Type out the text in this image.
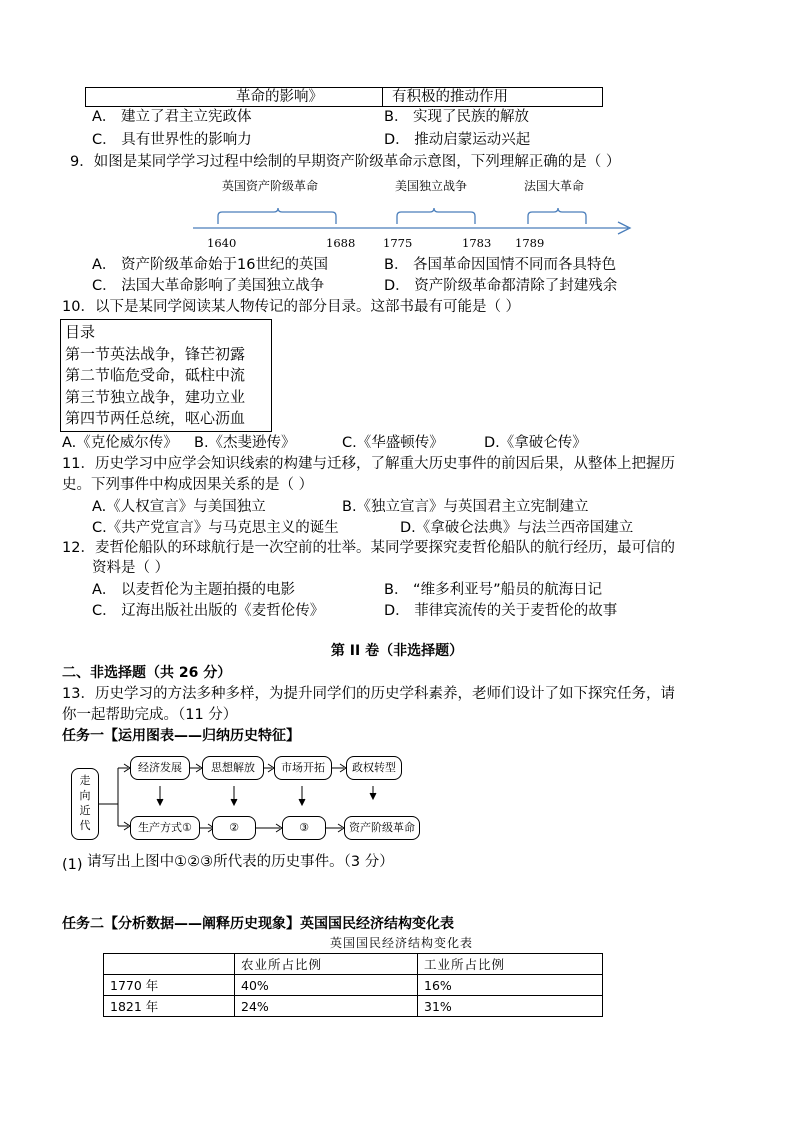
革命的影响》	有积极的推动作用
A． 建立了君主立宪政体	B． 实现了民族的解放
C． 具有世界性的影响力	D． 推动启蒙运动兴起
9．如图是某同学学习过程中绘制的早期资产阶级革命示意图，下列理解正确的是（ ）
英国资产阶级革命	美国独立战争	法国大革命
1640	1688 1775	1783 1789
A． 资产阶级革命始于16世纪的英国	B． 各国革命因国情不同而各具特色
C． 法国大革命影响了美国独立战争	D． 资产阶级革命都清除了封建残余
10．以下是某同学阅读某人物传记的部分目录。这部书最有可能是（ ）
目录
第一节英法战争，锋芒初露
第二节临危受命，砥柱中流
第三节独立战争，建功立业
第四节两任总统，呕心沥血
A.《克伦威尔传》 B.《杰斐逊传》	C.《华盛顿传》	D.《拿破仑传》
11．历史学习中应学会知识线索的构建与迁移，了解重大历史事件的前因后果，从整体上把握历
史。下列事件中构成因果关系的是（ ）
A.《人权宣言》与美国独立	B.《独立宣言》与英国君主立宪制建立
C.《共产党宣言》与马克思主义的诞生	D.《拿破仑法典》与法兰西帝国建立
12．麦哲伦船队的环球航行是一次空前的壮举。某同学要探究麦哲伦船队的航行经历，最可信的
资料是（ ）
A． 以麦哲伦为主题拍摄的电影	B． “维多利亚号”船员的航海日记
C． 辽海出版社出版的《麦哲伦传》	D． 菲律宾流传的关于麦哲伦的故事
第 II 卷（非选择题）
二、非选择题（共 26 分）
13．历史学习的方法多种多样，为提升同学们的历史学科素养，老师们设计了如下探究任务，请
你一起帮助完成。（11 分）
任务一【运用图表——归纳历史特征】
走
向
近
代
经济发展	思想解放	市场开拓	政权转型
生产方式①	②	③	资产阶级革命
(1) 请写出上图中①②③所代表的历史事件。（3 分）
任务二【分析数据——阐释历史现象】英国国民经济结构变化表
英国国民经济结构变化表
	农业所占比例	工业所占比例
1770 年	40%	16%
1821 年	24%	31%
